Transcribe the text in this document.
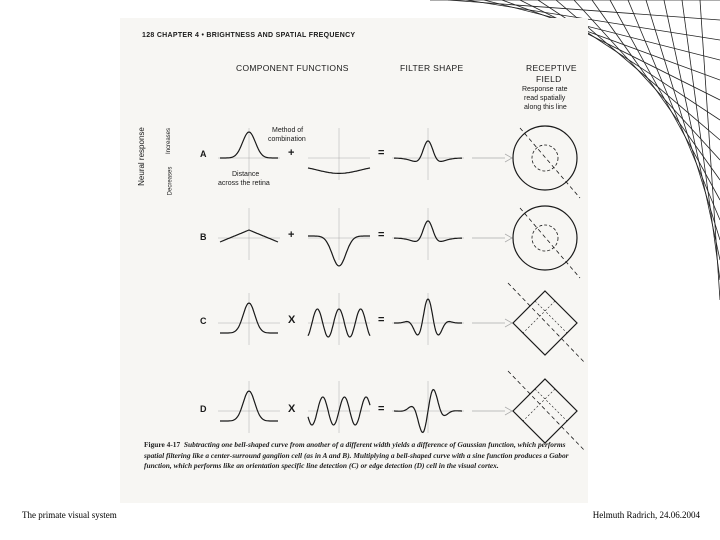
128 CHAPTER 4 • BRIGHTNESS AND SPATIAL FREQUENCY
COMPONENT FUNCTIONS	FILTER SHAPE	RECEPTIVE
FIELD
Response rate
read spatially
along this line
Method of
combination
Distance
across the retina
Neural response	Increases
Decreases
A	+	=
B	+	=
C	X	=
D	X	=
Figure 4-17 Subtracting one bell-shaped curve from another of a different width yields a difference of Gaussian function, which performs spatial filtering like a center-surround ganglion cell (as in A and B). Multiplying a bell-shaped curve with a sine function produces a Gabor function, which performs like an orientation specific line detection (C) or edge detection (D) cell in the visual cortex.
The primate visual system	Helmuth Radrich, 24.06.2004
